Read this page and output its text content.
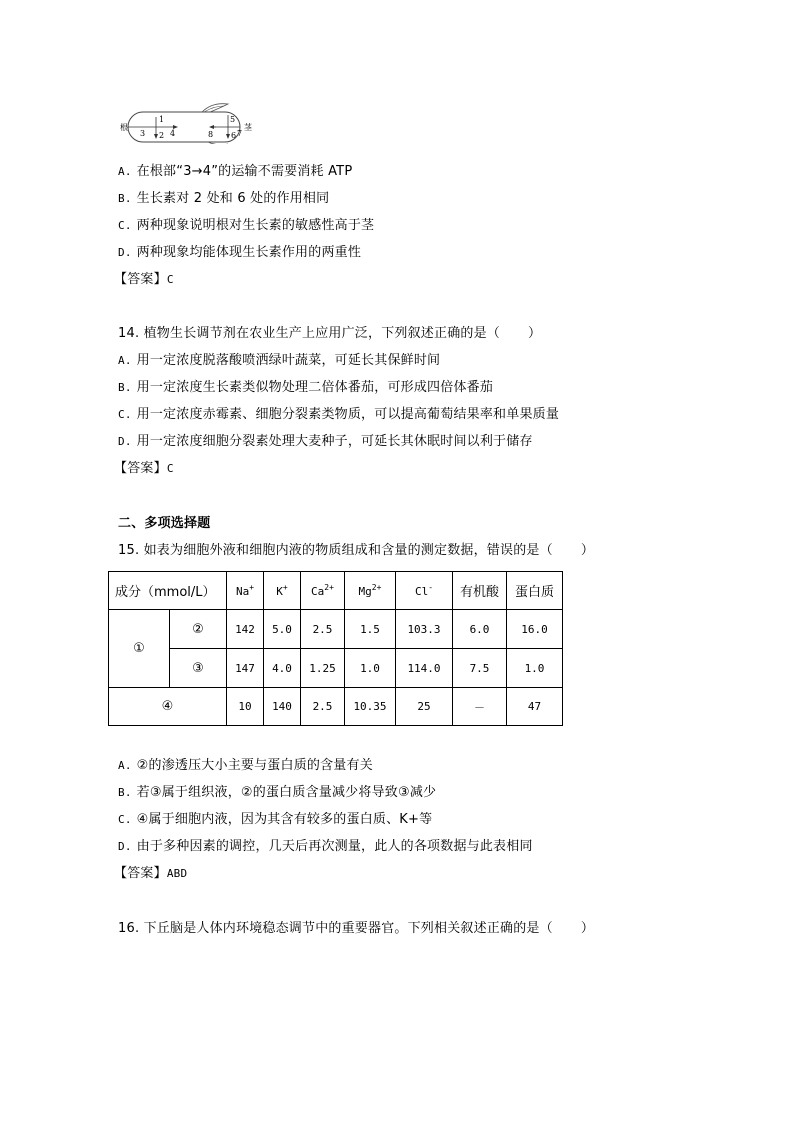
根	茎
1
2
3	4
5
6
8	7
A. 在根部“3→4”的运输不需要消耗 ATP
B. 生长素对 2 处和 6 处的作用相同
C. 两种现象说明根对生长素的敏感性高于茎
D. 两种现象均能体现生长素作用的两重性
【答案】C
14. 植物生长调节剂在农业生产上应用广泛，下列叙述正确的是（ ）
A. 用一定浓度脱落酸喷洒绿叶蔬菜，可延长其保鲜时间
B. 用一定浓度生长素类似物处理二倍体番茄，可形成四倍体番茄
C. 用一定浓度赤霉素、细胞分裂素类物质，可以提高葡萄结果率和单果质量
D. 用一定浓度细胞分裂素处理大麦种子，可延长其休眠时间以利于储存
【答案】C
二、多项选择题
15. 如表为细胞外液和细胞内液的物质组成和含量的测定数据，错误的是（ ）
成分（mmol/L）		Na+	K+	$Ca^{2+}$	$Mg^{2+}$	Cl-	有机酸	蛋白质
①	②	142	5.0	2.5	1.5	103.3	6.0	16.0
	③	147	4.0	1.25	1.0	114.0	7.5	1.0
④		10	140	2.5	10.35	25	－	47
A. ②的渗透压大小主要与蛋白质的含量有关
B. 若③属于组织液，②的蛋白质含量减少将导致③减少
C. ④属于细胞内液，因为其含有较多的蛋白质、K+等
D. 由于多种因素的调控，几天后再次测量，此人的各项数据与此表相同
【答案】ABD
16. 下丘脑是人体内环境稳态调节中的重要器官。下列相关叙述正确的是（ ）
